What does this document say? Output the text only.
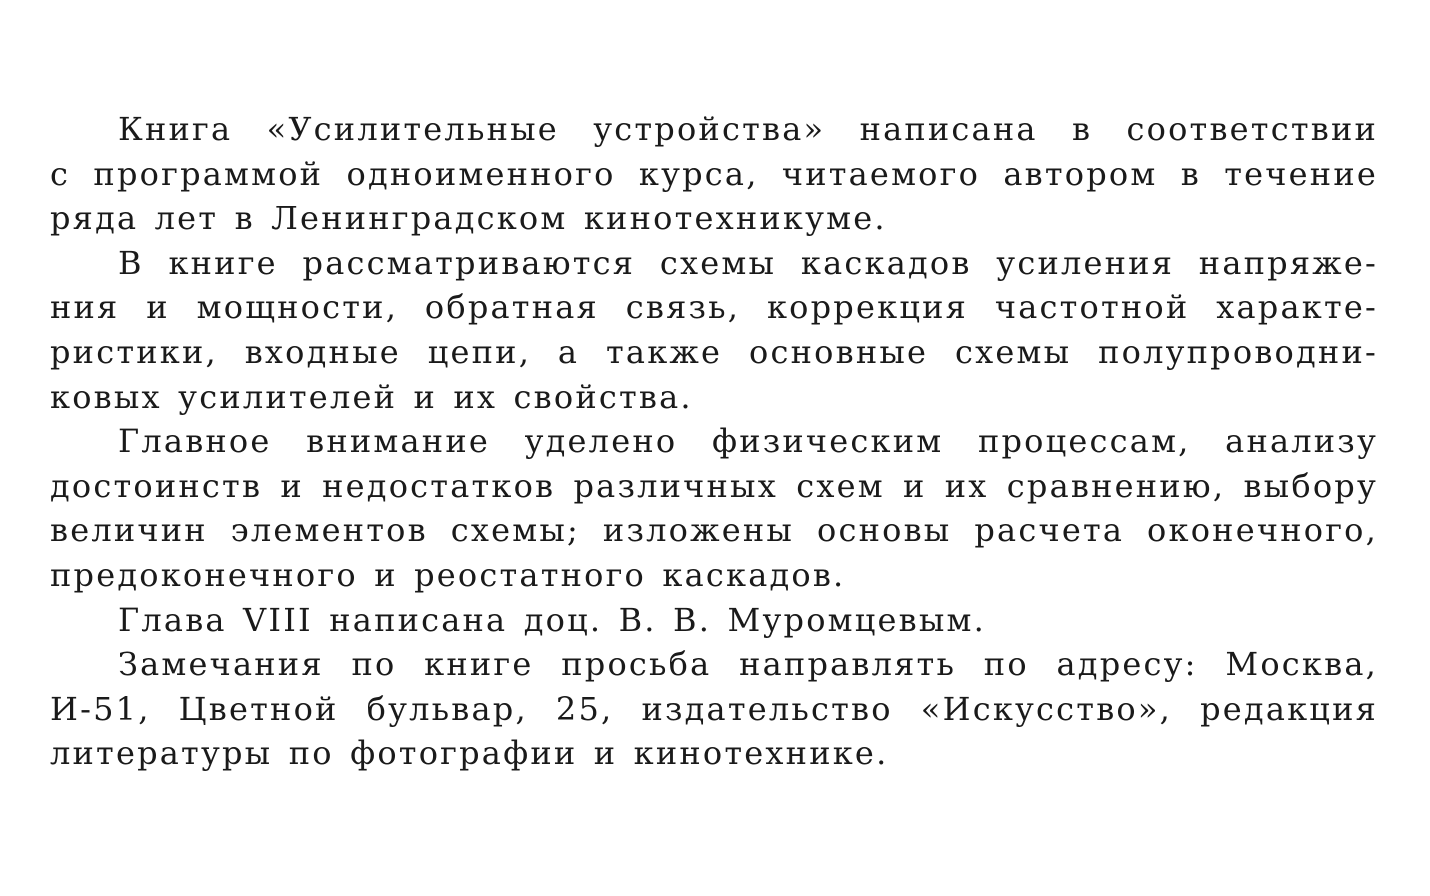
Книга «Усилительные устройства» написана в соответствии
с программой одноименного курса, читаемого автором в течение
ряда лет в Ленинградском кинотехникуме.
В книге рассматриваются схемы каскадов усиления напряже-
ния и мощности, обратная связь, коррекция частотной характе-
ристики, входные цепи, а также основные схемы полупроводни-
ковых усилителей и их свойства.
Главное внимание уделено физическим процессам, анализу
достоинств и недостатков различных схем и их сравнению, выбору
величин элементов схемы; изложены основы расчета оконечного,
предоконечного и реостатного каскадов.
Глава VIII написана доц. В. В. Муромцевым.
Замечания по книге просьба направлять по адресу: Москва,
И-51, Цветной бульвар, 25, издательство «Искусство», редакция
литературы по фотографии и кинотехнике.
